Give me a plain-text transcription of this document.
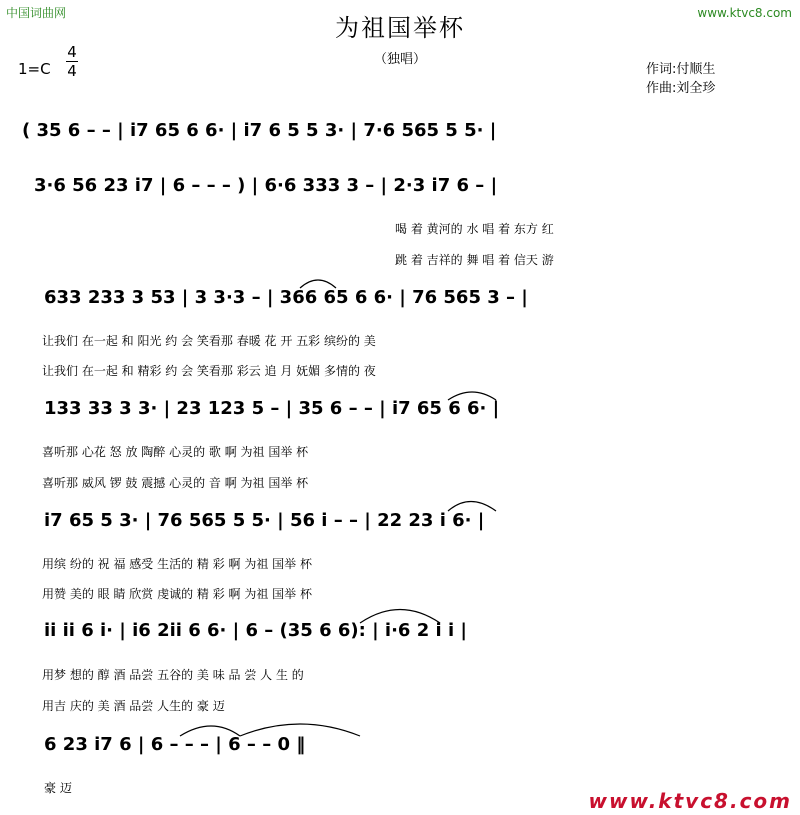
中国词曲网	www.ktvc8.com
为祖国举杯
（独唱）
作词:付顺生
作曲:刘全珍
1=C
4
4
( 35 6 – – | i7 65 6 6· | i7 6 5 5 3· | 7·6 565 5 5· |
3·6 56 23 i7 | 6 – – – ) | 6·6 333 3 – | 2·3 i7 6 – |
喝 着 黄河的 水 唱 着 东方 红
跳 着 吉祥的 舞 唱 着 信天 游
633 233 3 53 | 3 3·3 – | 366 65 6 6· | 76 565 3 – |
让我们 在一起 和 阳光 约 会 笑看那 春暖 花 开 五彩 缤纷的 美
让我们 在一起 和 精彩 约 会 笑看那 彩云 追 月 妩媚 多情的 夜
133 33 3 3· | 23 123 5 – | 35 6 – – | i7 65 6 6· |
喜听那 心花 怒 放 陶醉 心灵的 歌 啊 为祖 国举 杯
喜听那 威风 锣 鼓 震撼 心灵的 音 啊 为祖 国举 杯
i7 65 5 3· | 76 565 5 5· | 56 i – – | 22 23 i 6· |
用缤 纷的 祝 福 感受 生活的 精 彩 啊 为祖 国举 杯
用赞 美的 眼 睛 欣赏 虔诚的 精 彩 啊 为祖 国举 杯
ii ii 6 i· | i6 2ii 6 6· | 6 – (35 6 6): | i·6 2 i i |
用梦 想的 醇 酒 品尝 五谷的 美 味 品 尝 人 生 的
用吉 庆的 美 酒 品尝 人生的 豪 迈
6 23 i7 6 | 6 – – – | 6 – – 0 ‖
豪 迈
www.ktvc8.com
